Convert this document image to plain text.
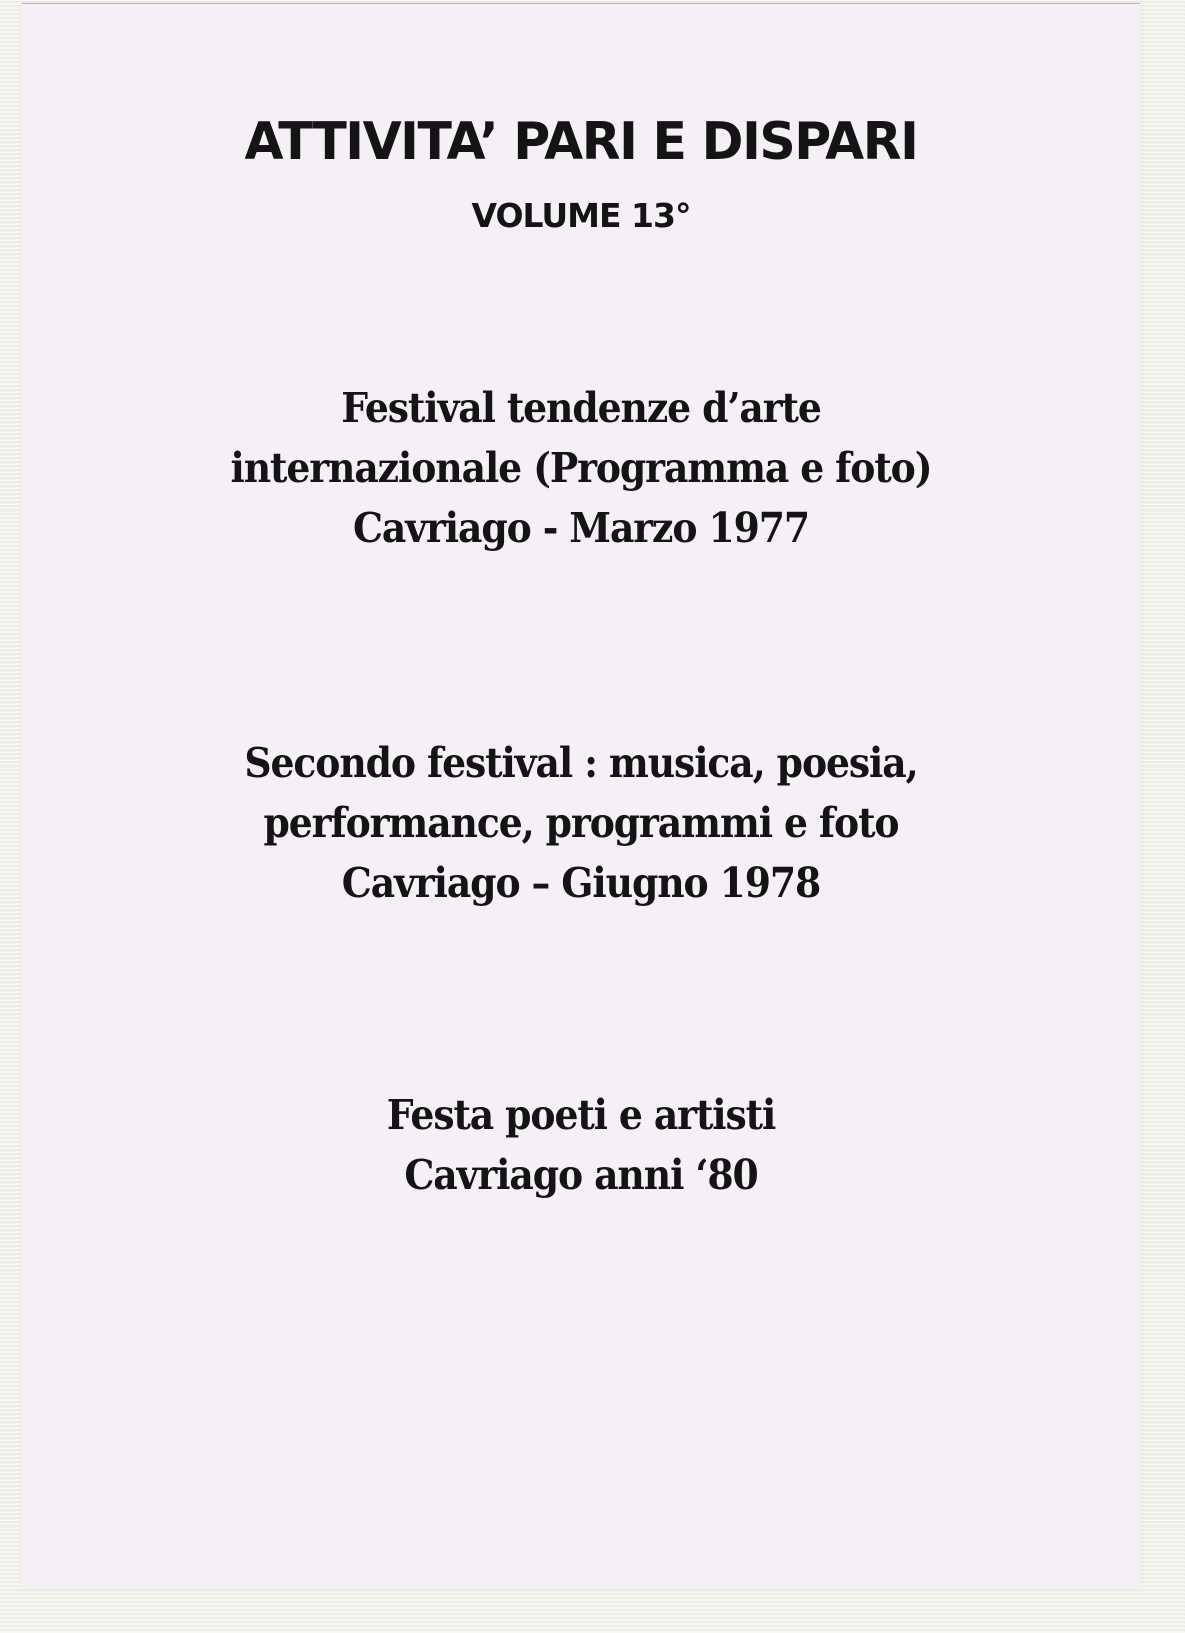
ATTIVITA’ PARI E DISPARI
VOLUME 13°

Festival tendenze d’arte

internazionale (Programma e foto)

Cavriago - Marzo 1977

Secondo festival : musica, poesia,

performance, programmi e foto

Cavriago – Giugno 1978

Festa poeti e artisti

Cavriago anni ‘80
